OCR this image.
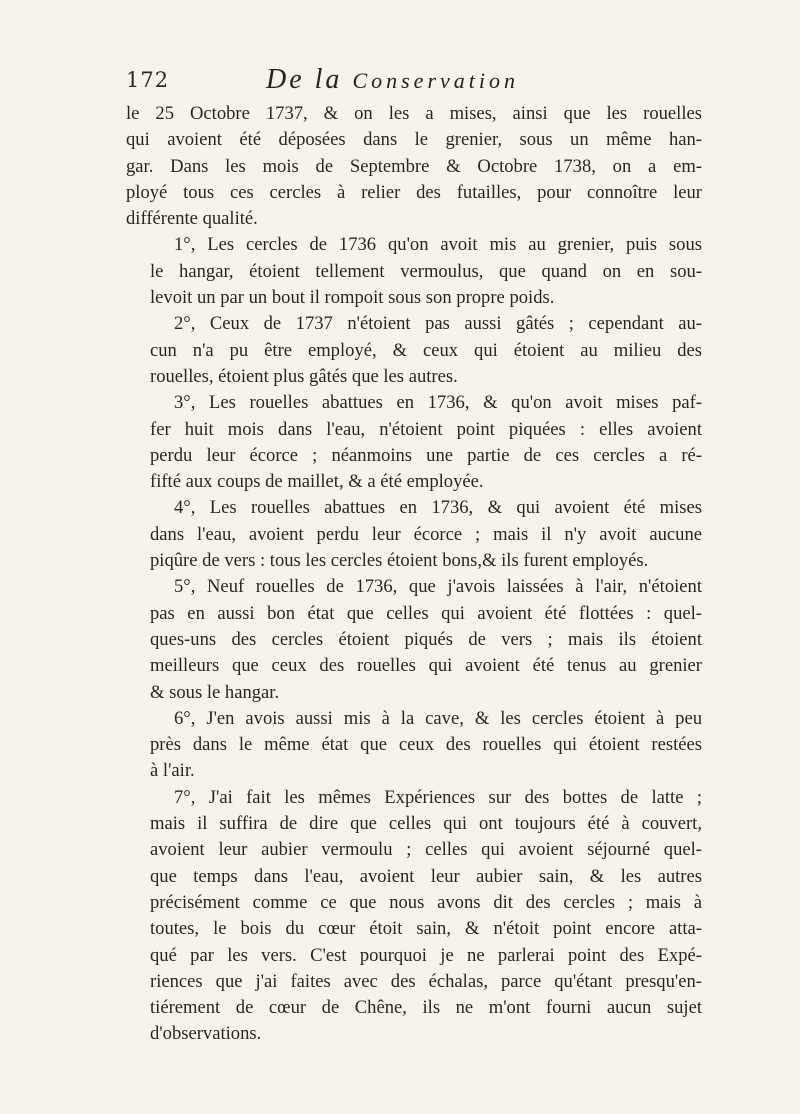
172	De la Conservation
le 25 Octobre 1737, & on les a mises, ainsi que les rouelles
qui avoient été déposées dans le grenier, sous un même han-
gar. Dans les mois de Septembre & Octobre 1738, on a em-
ployé tous ces cercles à relier des futailles, pour connoître leur
différente qualité.
1°, Les cercles de 1736 qu'on avoit mis au grenier, puis sous
le hangar, étoient tellement vermoulus, que quand on en sou-
levoit un par un bout il rompoit sous son propre poids.
2°, Ceux de 1737 n'étoient pas aussi gâtés ; cependant au-
cun n'a pu être employé, & ceux qui étoient au milieu des
rouelles, étoient plus gâtés que les autres.
3°, Les rouelles abattues en 1736, & qu'on avoit mises paf-
fer huit mois dans l'eau, n'étoient point piquées : elles avoient
perdu leur écorce ; néanmoins une partie de ces cercles a ré-
fifté aux coups de maillet, & a été employée.
4°, Les rouelles abattues en 1736, & qui avoient été mises
dans l'eau, avoient perdu leur écorce ; mais il n'y avoit aucune
piqûre de vers : tous les cercles étoient bons,& ils furent employés.
5°, Neuf rouelles de 1736, que j'avois laissées à l'air, n'étoient
pas en aussi bon état que celles qui avoient été flottées : quel-
ques-uns des cercles étoient piqués de vers ; mais ils étoient
meilleurs que ceux des rouelles qui avoient été tenus au grenier
& sous le hangar.
6°, J'en avois aussi mis à la cave, & les cercles étoient à peu
près dans le même état que ceux des rouelles qui étoient restées
à l'air.
7°, J'ai fait les mêmes Expériences sur des bottes de latte ;
mais il suffira de dire que celles qui ont toujours été à couvert,
avoient leur aubier vermoulu ; celles qui avoient séjourné quel-
que temps dans l'eau, avoient leur aubier sain, & les autres
précisément comme ce que nous avons dit des cercles ; mais à
toutes, le bois du cœur étoit sain, & n'étoit point encore atta-
qué par les vers. C'est pourquoi je ne parlerai point des Expé-
riences que j'ai faites avec des échalas, parce qu'étant presqu'en-
tiérement de cœur de Chêne, ils ne m'ont fourni aucun sujet
d'observations.
